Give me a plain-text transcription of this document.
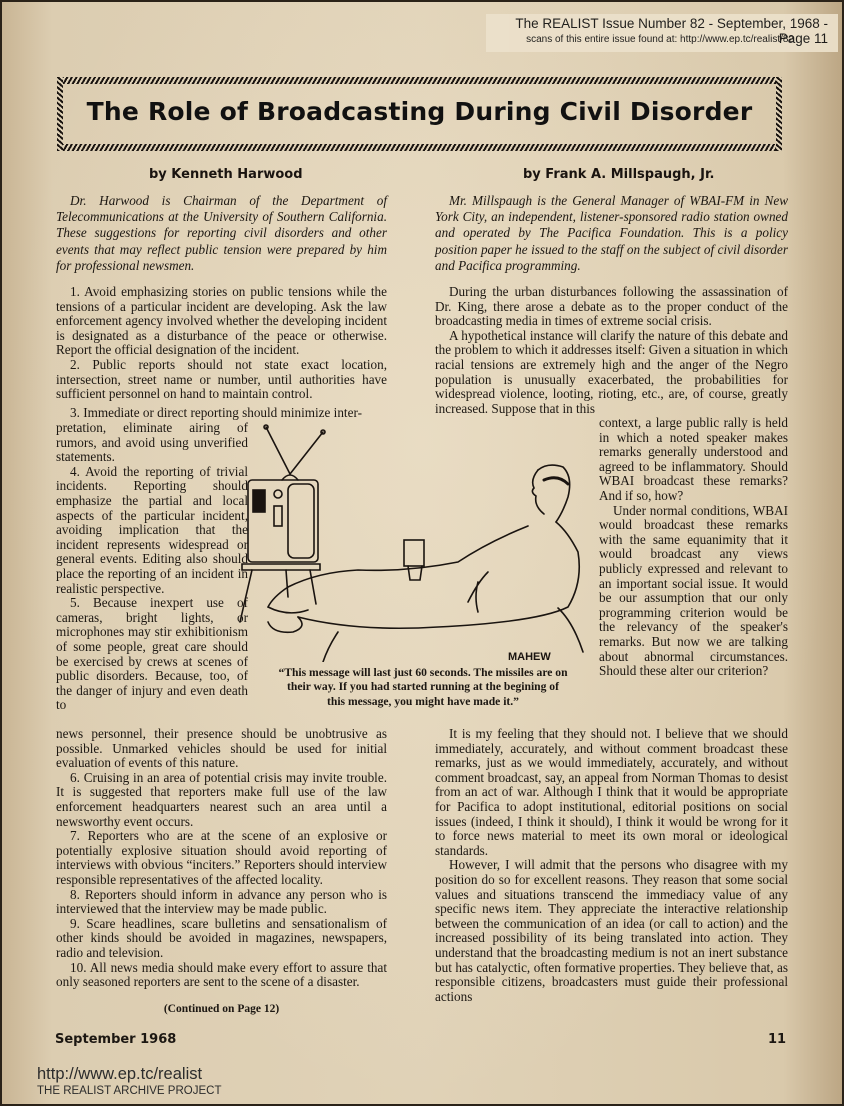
The REALIST Issue Number 82 - September, 1968 - Page 11
scans of this entire issue found at: http://www.ep.tc/realist/82
The Role of Broadcasting During Civil Disorder
by Kenneth Harwood	by Frank A. Millspaugh, Jr.

Dr. Harwood is Chairman of the Department of Telecommunications at the University of Southern California. These suggestions for reporting civil disorders and other events that may reflect public tension were prepared by him for professional newsmen.

1. Avoid emphasizing stories on public tensions while the tensions of a particular incident are developing. Ask the law enforcement agency involved whether the developing incident is designated as a disturbance of the peace or otherwise. Report the official designation of the incident.

2. Public reports should not state exact location, intersection, street name or number, until authorities have sufficient personnel on hand to maintain control.

3. Immediate or direct reporting should minimize inter-

pretation, eliminate airing of rumors, and avoid using unverified statements.

4. Avoid the reporting of trivial incidents. Reporting should emphasize the partial and local aspects of the particular incident, avoiding implication that the incident represents widespread or general events. Editing also should place the reporting of an incident in realistic perspective.

5. Because inexpert use of cameras, bright lights, or microphones may stir exhibitionism of some people, great care should be exercised by crews at scenes of public disorders. Because, too, of the danger of injury and even death to

news personnel, their presence should be unobtrusive as possible. Unmarked vehicles should be used for initial evaluation of events of this nature.

6. Cruising in an area of potential crisis may invite trouble. It is suggested that reporters make full use of the law enforcement headquarters nearest such an area until a newsworthy event occurs.

7. Reporters who are at the scene of an explosive or potentially explosive situation should avoid reporting of interviews with obvious “inciters.” Reporters should interview responsible representatives of the affected locality.

8. Reporters should inform in advance any person who is interviewed that the interview may be made public.

9. Scare headlines, scare bulletins and sensationalism of other kinds should be avoided in magazines, newspapers, radio and television.

10. All news media should make every effort to assure that only seasoned reporters are sent to the scene of a disaster.

(Continued on Page 12)

Mr. Millspaugh is the General Manager of WBAI-FM in New York City, an independent, listener-sponsored radio station owned and operated by The Pacifica Foundation. This is a policy position paper he issued to the staff on the subject of civil disorder and Pacifica programming.

During the urban disturbances following the assassination of Dr. King, there arose a debate as to the proper conduct of the broadcasting media in times of extreme social crisis.

A hypothetical instance will clarify the nature of this debate and the problem to which it addresses itself: Given a situation in which racial tensions are extremely high and the anger of the Negro population is unusually exacerbated, the probabilities for widespread violence, looting, rioting, etc., are, of course, greatly increased. Suppose that in this

context, a large public rally is held in which a noted speaker makes remarks generally understood and agreed to be inflammatory. Should WBAI broadcast these remarks? And if so, how?

Under normal conditions, WBAI would broadcast these remarks with the same equanimity that it would broadcast any views publicly expressed and relevant to an important social issue. It would be our assumption that our only programming criterion would be the relevancy of the speaker's remarks. But now we are talking about abnormal circumstances. Should these alter our criterion?

It is my feeling that they should not. I believe that we should immediately, accurately, and without comment broadcast these remarks, just as we would immediately, accurately, and without comment broadcast, say, an appeal from Norman Thomas to desist from an act of war. Although I think that it would be appropriate for Pacifica to adopt institutional, editorial positions on social issues (indeed, I think it should), I think it would be wrong for it to force news material to meet its own moral or ideological standards.

However, I will admit that the persons who disagree with my position do so for excellent reasons. They reason that some social values and situations transcend the immediacy value of any specific news item. They appreciate the interactive relationship between the communication of an idea (or call to action) and the increased possibility of its being translated into action. They understand that the broadcasting medium is not an inert substance but has catalyctic, often formative properties. They believe that, as responsible citizens, broadcasters must guide their professional actions

MAHEW
“This message will last just 60 seconds. The missiles are on their way. If you had started running at the begining of this message, you might have made it.”
September 1968	11
http://www.ep.tc/realist
THE REALIST ARCHIVE PROJECT
